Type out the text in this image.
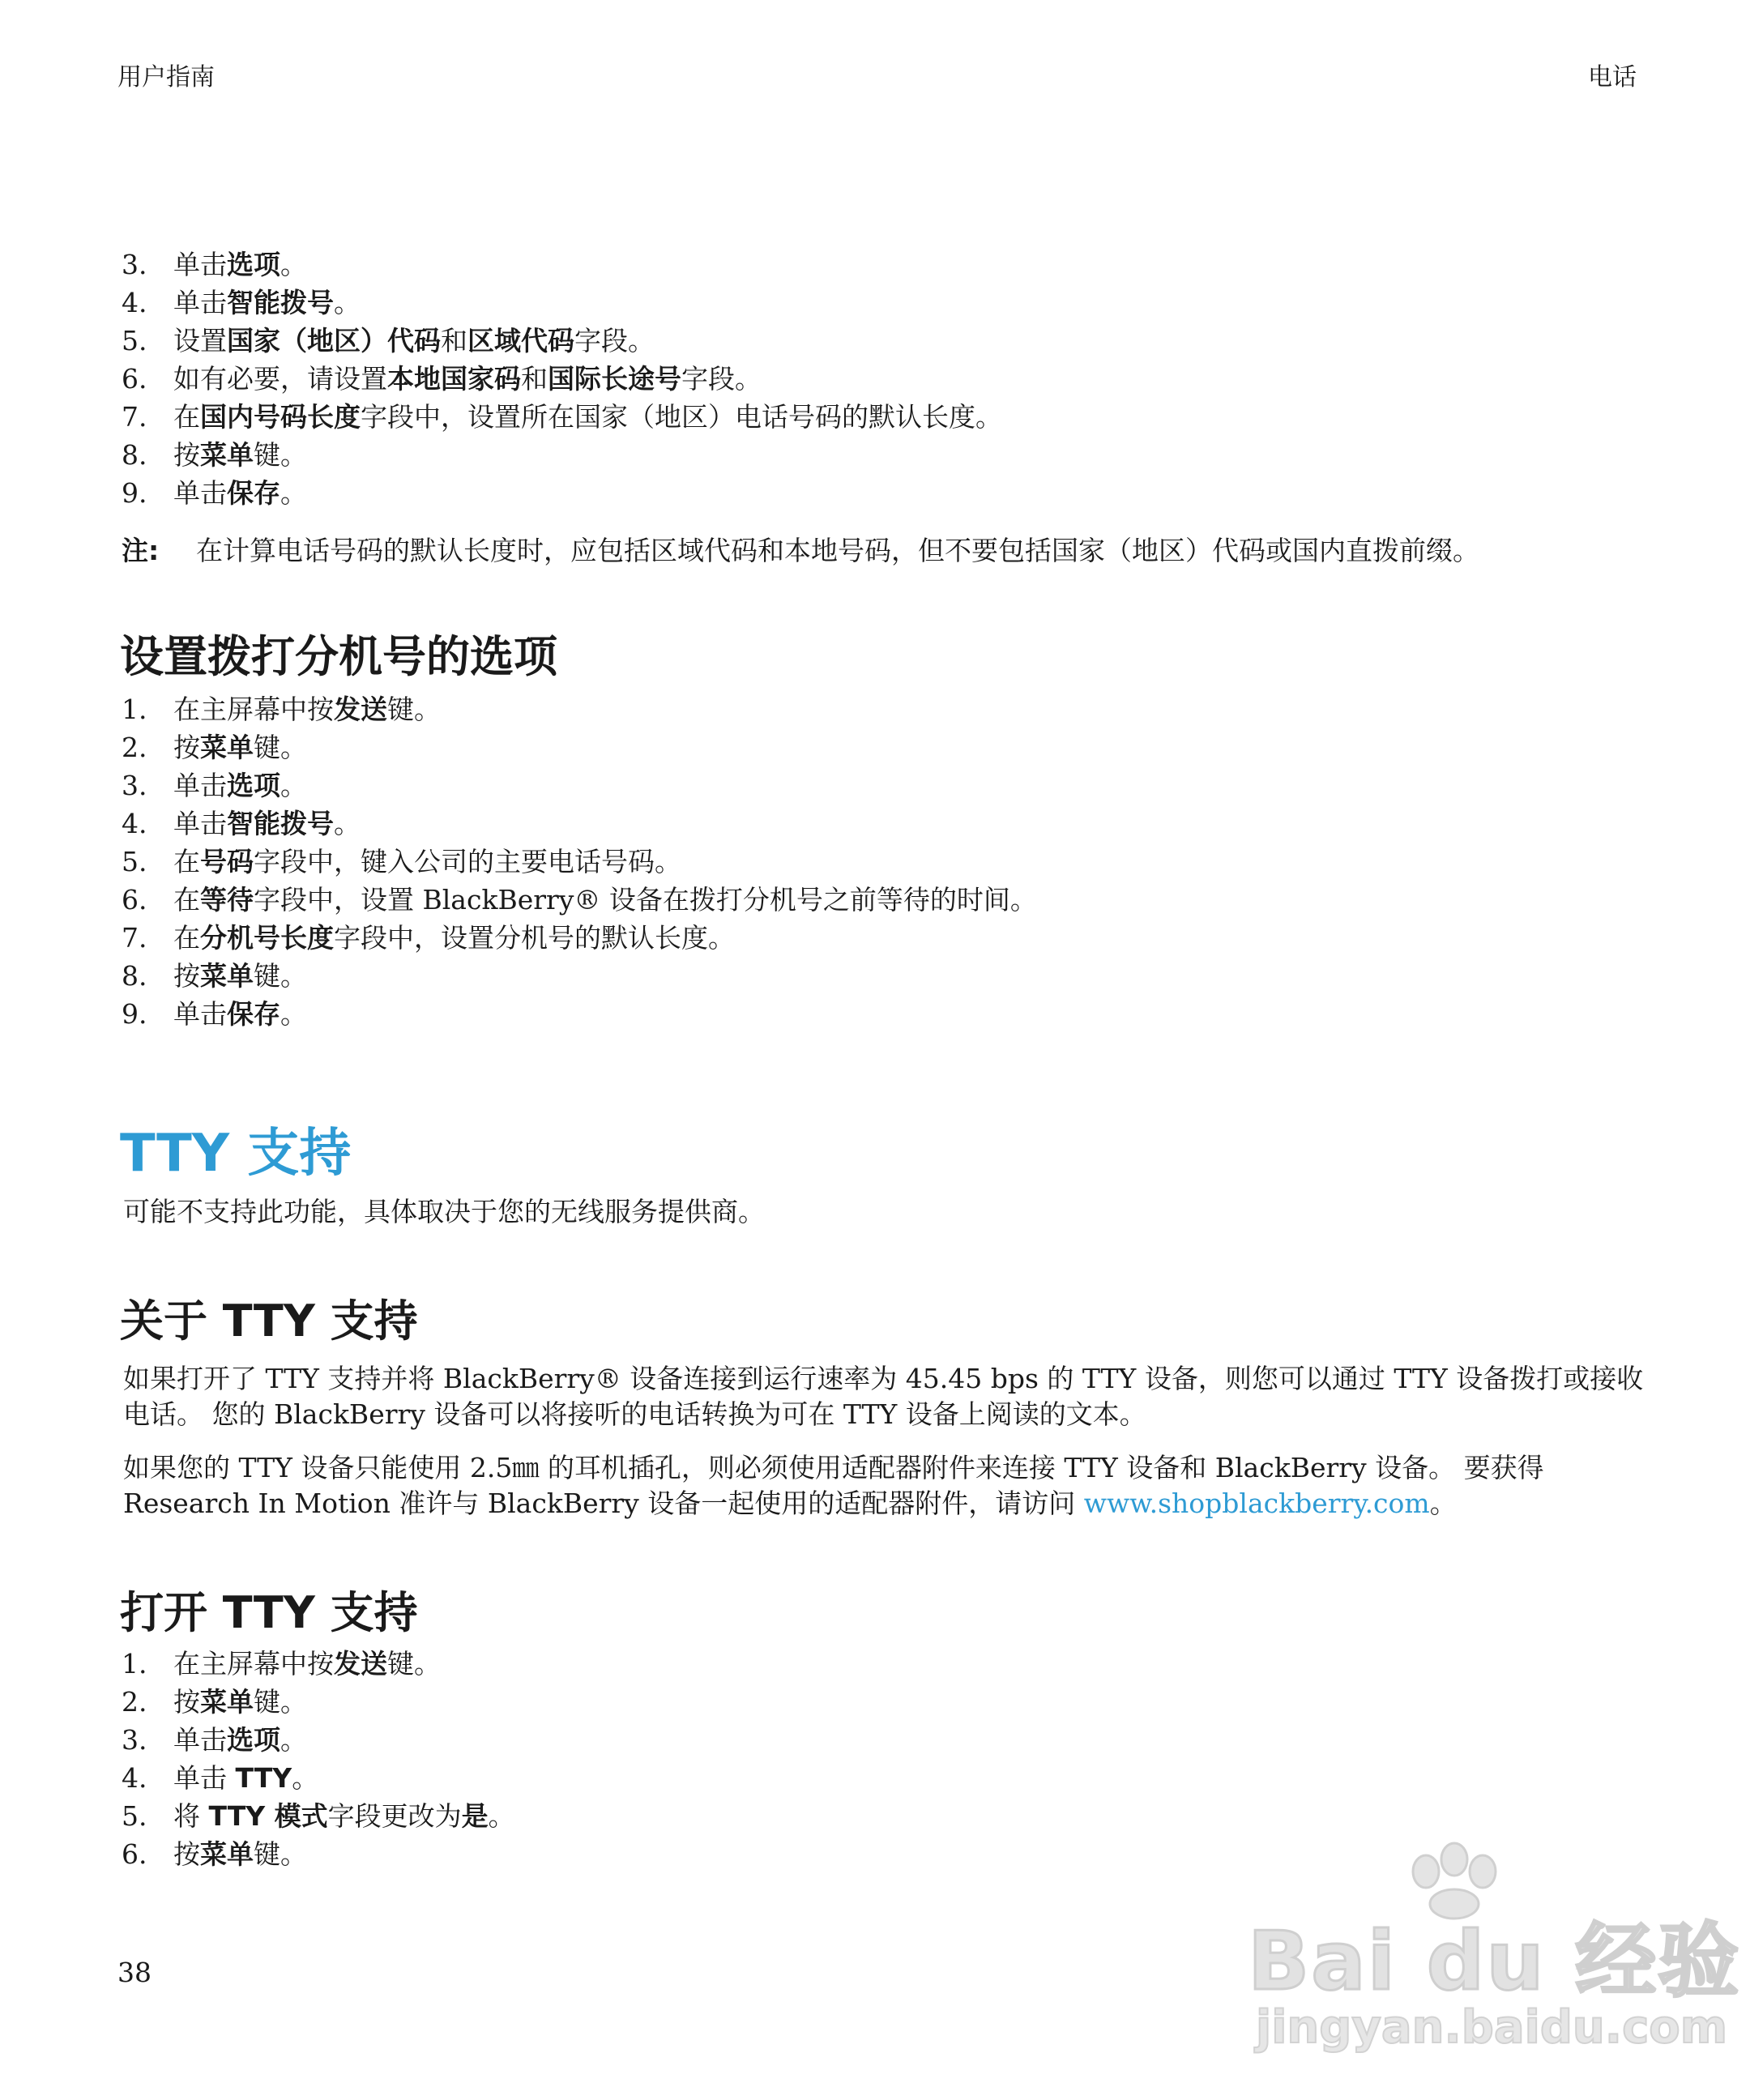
用户指南	电话
3. 单击选项。
4. 单击智能拨号。
5. 设置国家（地区）代码和区域代码字段。
6. 如有必要，请设置本地国家码和国际长途号字段。
7. 在国内号码长度字段中，设置所在国家（地区）电话号码的默认长度。
8. 按菜单键。
9. 单击保存。
注: 在计算电话号码的默认长度时，应包括区域代码和本地号码，但不要包括国家（地区）代码或国内直拨前缀。
设置拨打分机号的选项
1. 在主屏幕中按发送键。
2. 按菜单键。
3. 单击选项。
4. 单击智能拨号。
5. 在号码字段中，键入公司的主要电话号码。
6. 在等待字段中，设置 BlackBerry® 设备在拨打分机号之前等待的时间。
7. 在分机号长度字段中，设置分机号的默认长度。
8. 按菜单键。
9. 单击保存。
TTY 支持
可能不支持此功能，具体取决于您的无线服务提供商。
关于 TTY 支持
如果打开了 TTY 支持并将 BlackBerry® 设备连接到运行速率为 45.45 bps 的 TTY 设备，则您可以通过 TTY 设备拨打或接收电话。 您的 BlackBerry 设备可以将接听的电话转换为可在 TTY 设备上阅读的文本。
如果您的 TTY 设备只能使用 2.5㎜ 的耳机插孔，则必须使用适配器附件来连接 TTY 设备和 BlackBerry 设备。 要获得 Research In Motion 准许与 BlackBerry 设备一起使用的适配器附件，请访问 www.shopblackberry.com。
打开 TTY 支持
1. 在主屏幕中按发送键。
2. 按菜单键。
3. 单击选项。
4. 单击 TTY。
5. 将 TTY 模式字段更改为是。
6. 按菜单键。
38	Bai du 经验
jingyan.baidu.com
